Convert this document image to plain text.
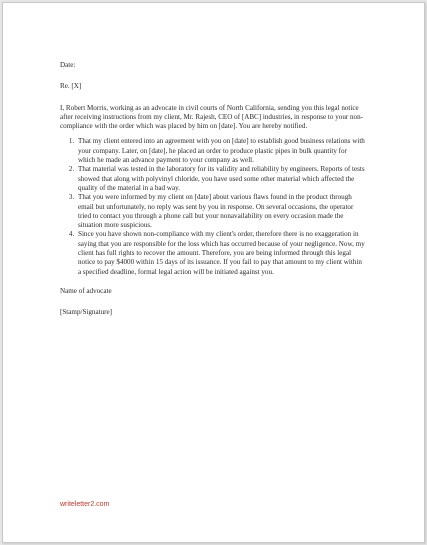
Date:

Re. [X]

I, Robert Morris, working as an advocate in civil courts of North California, sending you this legal notice after receiving instructions from my client, Mr. Rajesh, CEO of [ABC] industries, in response to your non-compliance with the order which was placed by him on [date]. You are hereby notified.

1. That my client entered into an agreement with you on [date] to establish good business relations with your company. Later, on [date], he placed an order to produce plastic pipes in bulk quantity for which he made an advance payment to your company as well.
2. That material was tested in the laboratory for its validity and reliability by engineers. Reports of tests showed that along with polyvinyl chloride, you have used some other material which affected the quality of the material in a bad way.
3. That you were informed by my client on [date] about various flaws found in the product through email but unfortunately, no reply was sent by you in response. On several occasions, the operator tried to contact you through a phone call but your nonavailability on every occasion made the situation more suspicious.
4. Since you have shown non-compliance with my client's order, therefore there is no exaggeration in saying that you are responsible for the loss which has occurred because of your negligence. Now, my client has full rights to recover the amount. Therefore, you are being informed through this legal notice to pay $4000 within 15 days of its issuance. If you fail to pay that amount to my client within a specified deadline, formal legal action will be initiated against you.

Name of advocate

[Stamp/Signature]

writeletter2.com
